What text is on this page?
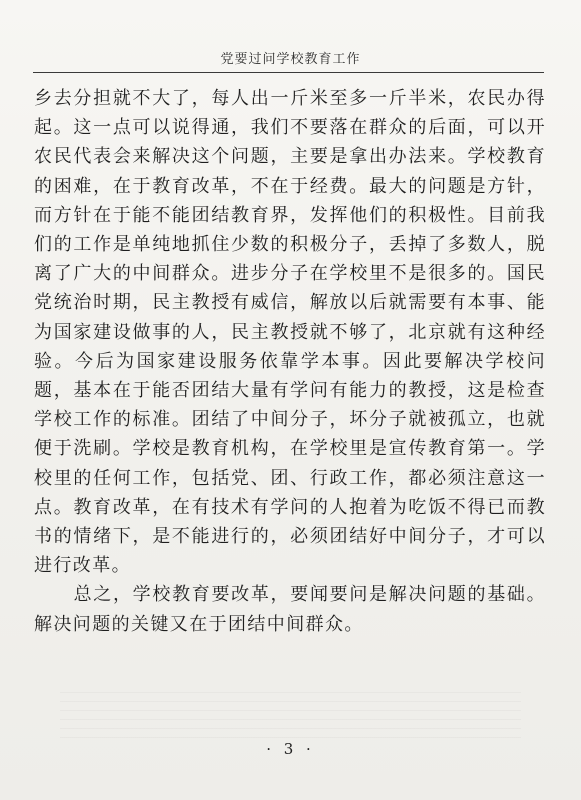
党要过问学校教育工作

乡去分担就不大了，每人出一斤米至多一斤半米，农民办得起。这一点可以说得通，我们不要落在群众的后面，可以开农民代表会来解决这个问题，主要是拿出办法来。学校教育的困难，在于教育改革，不在于经费。最大的问题是方针，而方针在于能不能团结教育界，发挥他们的积极性。目前我们的工作是单纯地抓住少数的积极分子，丢掉了多数人，脱离了广大的中间群众。进步分子在学校里不是很多的。国民党统治时期，民主教授有威信，解放以后就需要有本事、能为国家建设做事的人，民主教授就不够了，北京就有这种经验。今后为国家建设服务依靠学本事。因此要解决学校问题，基本在于能否团结大量有学问有能力的教授，这是检查学校工作的标准。团结了中间分子，坏分子就被孤立，也就便于洗刷。学校是教育机构，在学校里是宣传教育第一。学校里的任何工作，包括党、团、行政工作，都必须注意这一点。教育改革，在有技术有学问的人抱着为吃饭不得已而教书的情绪下，是不能进行的，必须团结好中间分子，才可以进行改革。

总之，学校教育要改革，要闻要问是解决问题的基础。解决问题的关键又在于团结中间群众。

· 3 ·
